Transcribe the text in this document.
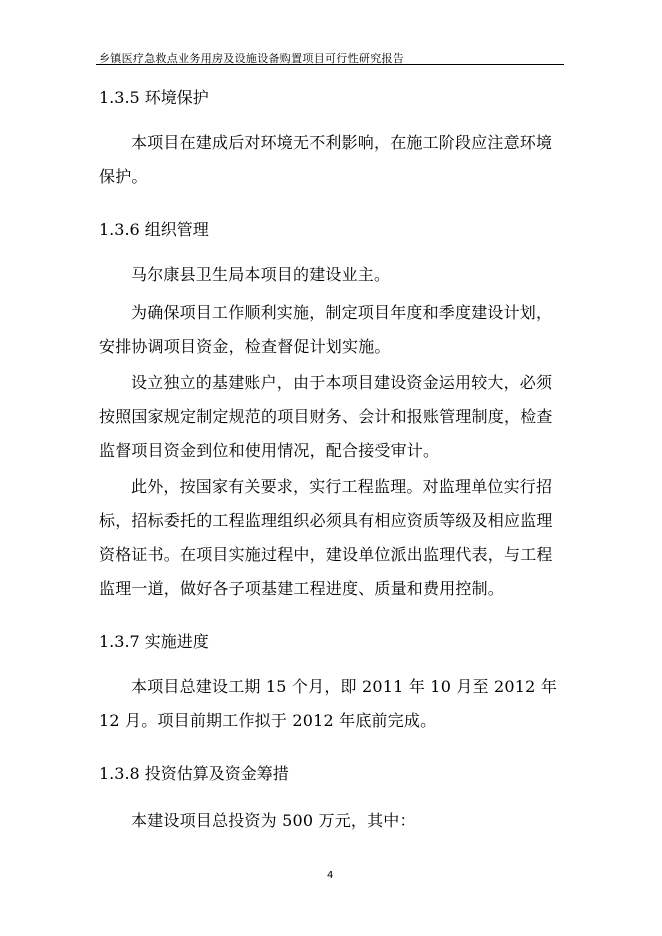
乡镇医疗急救点业务用房及设施设备购置项目可行性研究报告
1.3.5 环境保护
本项目在建成后对环境无不利影响，在施工阶段应注意环境保护。
1.3.6 组织管理
马尔康县卫生局本项目的建设业主。
为确保项目工作顺利实施，制定项目年度和季度建设计划，安排协调项目资金，检查督促计划实施。
设立独立的基建账户，由于本项目建设资金运用较大，必须按照国家规定制定规范的项目财务、会计和报账管理制度，检查监督项目资金到位和使用情况，配合接受审计。
此外，按国家有关要求，实行工程监理。对监理单位实行招标，招标委托的工程监理组织必须具有相应资质等级及相应监理资格证书。在项目实施过程中，建设单位派出监理代表，与工程监理一道，做好各子项基建工程进度、质量和费用控制。
1.3.7 实施进度
本项目总建设工期 15 个月，即 2011 年 10 月至 2012 年 12 月。项目前期工作拟于 2012 年底前完成。
1.3.8 投资估算及资金筹措
本建设项目总投资为 500 万元，其中：
4
